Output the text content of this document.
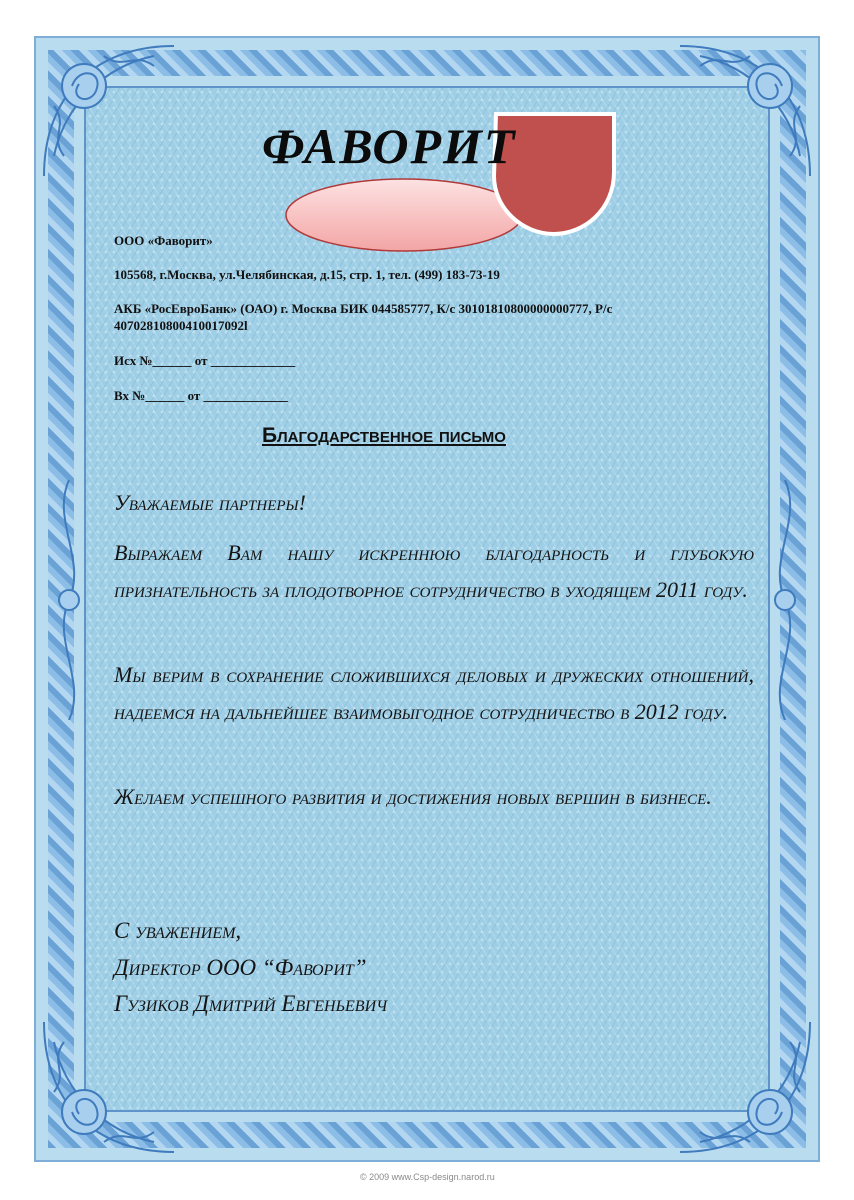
ФАВОРИТ
ООО «Фаворит»
105568, г.Москва, ул.Челябинская, д.15, стр. 1, тел. (499) 183-73-19
АКБ «РосЕвроБанк» (ОАО) г. Москва БИК 044585777, К/с 30101810800000000777, Р/с
40702810800410017092l
Исх №______ от _____________
Вх №______ от _____________
Благодарственное письмо
Уважаемые партнеры!
Выражаем Вам нашу искреннюю благодарность и глубокую признательность за плодотворное сотрудничество в уходящем 2011 году.
Мы верим в сохранение сложившихся деловых и дружеских отношений, надеемся на дальнейшее взаимовыгодное сотрудничество в 2012 году.
Желаем успешного развития и достижения новых вершин в бизнесе.
С уважением,
Директор ООО “Фаворит”
Гузиков Дмитрий Евгеньевич
© 2009 www.Csp-design.narod.ru
